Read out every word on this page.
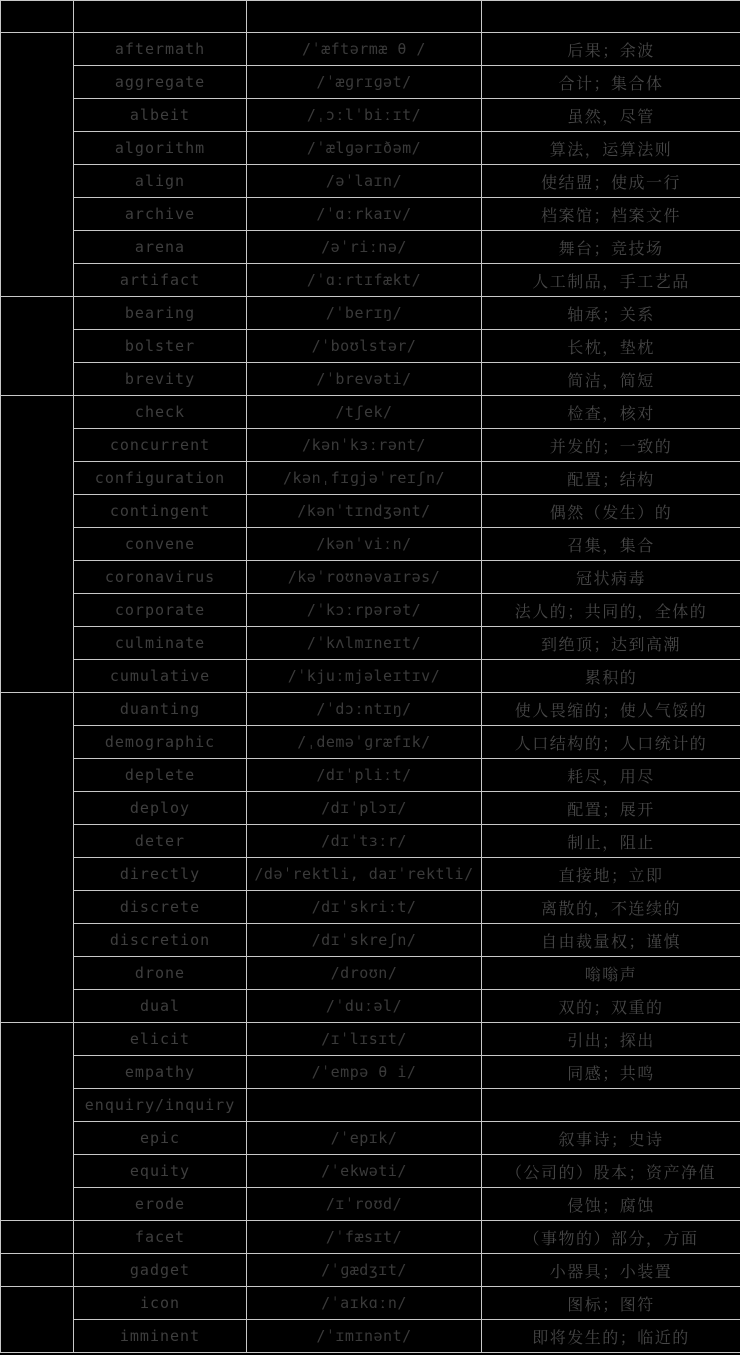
	aftermath	/ˈæftərmæ θ /	后果；余波
	aggregate	/ˈæɡrɪɡət/	合计；集合体
	albeit	/ˌɔːlˈbiːɪt/	虽然，尽管
	algorithm	/ˈælɡərɪðəm/	算法，运算法则
	align	/əˈlaɪn/	使结盟；使成一行
	archive	/ˈɑːrkaɪv/	档案馆；档案文件
	arena	/əˈriːnə/	舞台；竞技场
	artifact	/ˈɑːrtɪfækt/	人工制品，手工艺品
	bearing	/ˈberɪŋ/	轴承；关系
	bolster	/ˈboʊlstər/	长枕，垫枕
	brevity	/ˈbrevəti/	简洁，简短
	check	/tʃek/	检查，核对
	concurrent	/kənˈkɜːrənt/	并发的；一致的
	configuration	/kənˌfɪɡjəˈreɪʃn/	配置；结构
	contingent	/kənˈtɪndʒənt/	偶然（发生）的
	convene	/kənˈviːn/	召集，集合
	coronavirus	/kəˈroʊnəvaɪrəs/	冠状病毒
	corporate	/ˈkɔːrpərət/	法人的；共同的，全体的
	culminate	/ˈkʌlmɪneɪt/	到绝顶；达到高潮
	cumulative	/ˈkjuːmjəleɪtɪv/	累积的
	duanting	/ˈdɔːntɪŋ/	使人畏缩的；使人气馁的
	demographic	/ˌdeməˈɡræfɪk/	人口结构的；人口统计的
	deplete	/dɪˈpliːt/	耗尽，用尽
	deploy	/dɪˈplɔɪ/	配置；展开
	deter	/dɪˈtɜːr/	制止，阻止
	directly	/dəˈrektli, daɪˈrektli/	直接地；立即
	discrete	/dɪˈskriːt/	离散的，不连续的
	discretion	/dɪˈskreʃn/	自由裁量权；谨慎
	drone	/droʊn/	嗡嗡声
	dual	/ˈduːəl/	双的；双重的
	elicit	/ɪˈlɪsɪt/	引出；探出
	empathy	/ˈempə θ i/	同感；共鸣
	enquiry/inquiry		
	epic	/ˈepɪk/	叙事诗；史诗
	equity	/ˈekwəti/	（公司的）股本；资产净值
	erode	/ɪˈroʊd/	侵蚀；腐蚀
	facet	/ˈfæsɪt/	（事物的）部分，方面
	gadget	/ˈɡædʒɪt/	小器具；小装置
	icon	/ˈaɪkɑːn/	图标；图符
	imminent	/ˈɪmɪnənt/	即将发生的；临近的
